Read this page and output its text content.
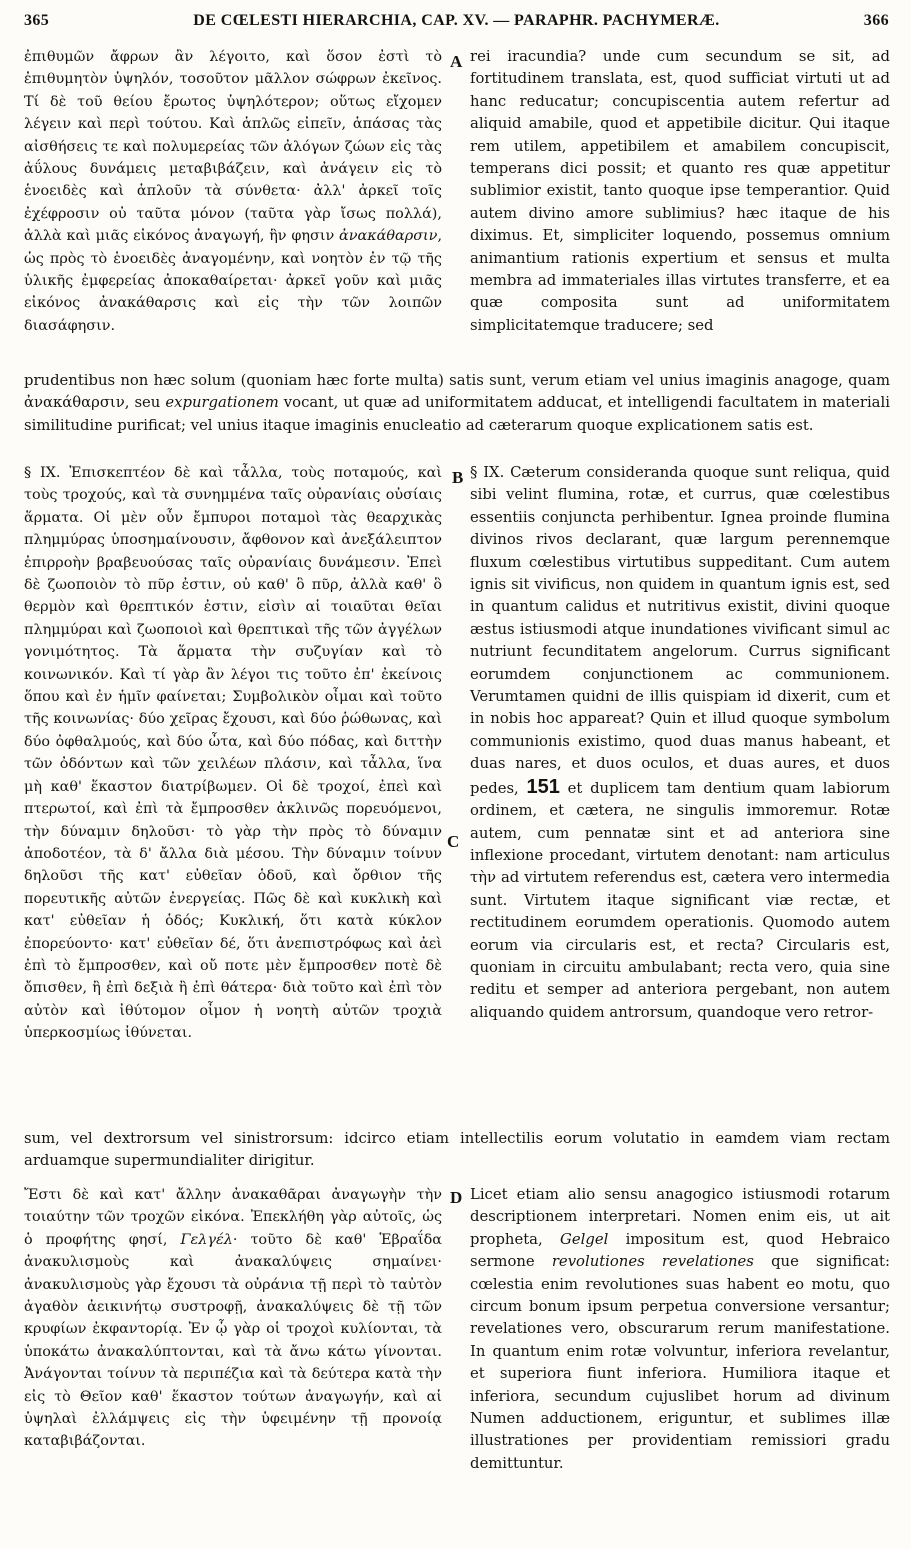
365	DE CŒLESTI HIERARCHIA, CAP. XV. — PARAPHR. PACHYMERÆ.	366

ἐπιθυμῶν ἄφρων ἂν λέγοιτο, καὶ ὅσον ἐστὶ τὸ ἐπιθυμητὸν ὑψηλόν, τοσοῦτον μᾶλλον σώφρων ἐκεῖνος. Τί δὲ τοῦ θείου ἔρωτος ὑψηλότερον; οὕτως εἴχομεν λέγειν καὶ περὶ τούτου. Καὶ ἁπλῶς εἰπεῖν, ἁπάσας τὰς αἰσθήσεις τε καὶ πολυμερείας τῶν ἀλόγων ζώων εἰς τὰς ἀΰλους δυνάμεις μεταβιβάζειν, καὶ ἀνάγειν εἰς τὸ ἑνοειδὲς καὶ ἁπλοῦν τὰ σύνθετα· ἀλλ' ἀρκεῖ τοῖς ἐχέφροσιν οὐ ταῦτα μόνον (ταῦτα γὰρ ἴσως πολλά), ἀλλὰ καὶ μιᾶς εἰκόνος ἀναγωγή, ἣν φησιν ἀνακάθαρσιν, ὡς πρὸς τὸ ἑνοειδὲς ἀναγομένην, καὶ νοητὸν ἐν τῷ τῆς ὑλικῆς ἐμφερείας ἀποκαθαίρεται· ἀρκεῖ γοῦν καὶ μιᾶς εἰκόνος ἀνακάθαρσις καὶ εἰς τὴν τῶν λοιπῶν διασάφησιν.

A rei iracundia? unde cum secundum se sit, ad fortitudinem translata, est, quod sufficiat virtuti ut ad hanc reducatur; concupiscentia autem refertur ad aliquid amabile, quod et appetibile dicitur. Qui itaque rem utilem, appetibilem et amabilem concupiscit, temperans dici possit; et quanto res quæ appetitur sublimior existit, tanto quoque ipse temperantior. Quid autem divino amore sublimius? hæc itaque de his diximus. Et, simpliciter loquendo, possemus omnium animantium rationis expertium et sensus et multa membra ad immateriales illas virtutes transferre, et ea quæ composita sunt ad uniformitatem simplicitatemque traducere; sed

prudentibus non hæc solum (quoniam hæc forte multa) satis sunt, verum etiam vel unius imaginis anagoge, quam ἀνακάθαρσιν, seu expurgationem vocant, ut quæ ad uniformitatem adducat, et intelligendi facultatem in materiali similitudine purificat; vel unius itaque imaginis enucleatio ad cæterarum quoque explicationem satis est.

§ IX. Ἐπισκεπτέον δὲ καὶ τἆλλα, τοὺς ποταμούς, καὶ τοὺς τροχούς, καὶ τὰ συνημμένα ταῖς οὐρανίαις οὐσίαις ἅρματα. Οἱ μὲν οὖν ἔμπυροι ποταμοὶ τὰς θεαρχικὰς πλημμύρας ὑποσημαίνουσιν, ἄφθονον καὶ ἀνεξάλειπτον ἐπιρροὴν βραβευούσας ταῖς οὐρανίαις δυνάμεσιν. Ἐπεὶ δὲ ζωοποιὸν τὸ πῦρ ἐστιν, οὐ καθ' ὃ πῦρ, ἀλλὰ καθ' ὃ θερμὸν καὶ θρεπτικόν ἐστιν, εἰσὶν αἱ τοιαῦται θεῖαι πλημμύραι καὶ ζωοποιοὶ καὶ θρεπτικαὶ τῆς τῶν ἀγγέλων γονιμότητος. Τὰ ἅρματα τὴν συζυγίαν καὶ τὸ κοινωνικόν. Καὶ τί γὰρ ἂν λέγοι τις τοῦτο ἐπ' ἐκείνοις ὅπου καὶ ἐν ἡμῖν φαίνεται; Συμβολικὸν οἶμαι καὶ τοῦτο τῆς κοινωνίας· δύο χεῖρας ἔχουσι, καὶ δύο ῥώθωνας, καὶ δύο ὀφθαλμούς, καὶ δύο ὦτα, καὶ δύο πόδας, καὶ διττὴν τῶν ὀδόντων καὶ τῶν χειλέων πλάσιν, καὶ τἆλλα, ἵνα μὴ καθ' ἕκαστον διατρίβωμεν. Οἱ δὲ τροχοί, ἐπεὶ καὶ πτερωτοί, καὶ ἐπὶ τὰ ἔμπροσθεν ἀκλινῶς πορευόμενοι, τὴν δύναμιν δηλοῦσι· τὸ γὰρ τὴν πρὸς τὸ δύναμιν ἀποδοτέον, τὰ δ' ἄλλα διὰ μέσου. Τὴν δύναμιν τοίνυν δηλοῦσι τῆς κατ' εὐθεῖαν ὁδοῦ, καὶ ὄρθιον τῆς πορευτικῆς αὐτῶν ἐνεργείας. Πῶς δὲ καὶ κυκλικὴ καὶ κατ' εὐθεῖαν ἡ ὁδός; Κυκλική, ὅτι κατὰ κύκλον ἐπορεύοντο· κατ' εὐθεῖαν δέ, ὅτι ἀνεπιστρόφως καὶ ἀεὶ ἐπὶ τὸ ἔμπροσθεν, καὶ οὔ ποτε μὲν ἔμπροσθεν ποτὲ δὲ ὄπισθεν, ἢ ἐπὶ δεξιὰ ἢ ἐπὶ θάτερα· διὰ τοῦτο καὶ ἐπὶ τὸν αὐτὸν καὶ ἰθύτομον οἶμον ἡ νοητὴ αὐτῶν τροχιὰ ὑπερκοσμίως ἰθύνεται.

B
C

§ IX. Cæterum consideranda quoque sunt reliqua, quid sibi velint flumina, rotæ, et currus, quæ cœlestibus essentiis conjuncta perhibentur. Ignea proinde flumina divinos rivos declarant, quæ largum perennemque fluxum cœlestibus virtutibus suppeditant. Cum autem ignis sit vivificus, non quidem in quantum ignis est, sed in quantum calidus et nutritivus existit, divini quoque æstus istiusmodi atque inundationes vivificant simul ac nutriunt fecunditatem angelorum. Currus significant eorumdem conjunctionem ac communionem. Verumtamen quidni de illis quispiam id dixerit, cum et in nobis hoc appareat? Quin et illud quoque symbolum communionis existimo, quod duas manus habeant, et duas nares, et duos oculos, et duas aures, et duos pedes, 151 et duplicem tam dentium quam labiorum ordinem, et cætera, ne singulis immoremur. Rotæ autem, cum pennatæ sint et ad anteriora sine inflexione procedant, virtutem denotant: nam articulus τὴν ad virtutem referendus est, cætera vero intermedia sunt. Virtutem itaque significant viæ rectæ, et rectitudinem eorumdem operationis. Quomodo autem eorum via circularis est, et recta? Circularis est, quoniam in circuitu ambulabant; recta vero, quia sine reditu et semper ad anteriora pergebant, non autem aliquando quidem antrorsum, quandoque vero retror-

sum, vel dextrorsum vel sinistrorsum: idcirco etiam intellectilis eorum volutatio in eamdem viam rectam arduamque supermundialiter dirigitur.

Ἔστι δὲ καὶ κατ' ἄλλην ἀνακαθᾶραι ἀναγωγὴν τὴν τοιαύτην τῶν τροχῶν εἰκόνα. Ἐπεκλήθη γὰρ αὐτοῖς, ὡς ὁ προφήτης φησί, Γελγέλ· τοῦτο δὲ καθ' Ἑβραΐδα ἀνακυλισμοὺς καὶ ἀνακαλύψεις σημαίνει· ἀνακυλισμοὺς γὰρ ἔχουσι τὰ οὐράνια τῇ περὶ τὸ ταὐτὸν ἀγαθὸν ἀεικινήτῳ συστροφῇ, ἀνακαλύψεις δὲ τῇ τῶν κρυφίων ἐκφαντορίᾳ. Ἐν ᾧ γὰρ οἱ τροχοὶ κυλίονται, τὰ ὑποκάτω ἀνακαλύπτονται, καὶ τὰ ἄνω κάτω γίνονται. Ἀνάγονται τοίνυν τὰ περιπέζια καὶ τὰ δεύτερα κατὰ τὴν εἰς τὸ Θεῖον καθ' ἕκαστον τούτων ἀναγωγήν, καὶ αἱ ὑψηλαὶ ἐλλάμψεις εἰς τὴν ὑφειμένην τῇ προνοίᾳ καταβιβάζονται.

D Licet etiam alio sensu anagogico istiusmodi rotarum descriptionem interpretari. Nomen enim eis, ut ait propheta, Gelgel impositum est, quod Hebraico sermone revolutiones revelationes que significat: cœlestia enim revolutiones suas habent eo motu, quo circum bonum ipsum perpetua conversione versantur; revelationes vero, obscurarum rerum manifestatione. In quantum enim rotæ volvuntur, inferiora revelantur, et superiora fiunt inferiora. Humiliora itaque et inferiora, secundum cujuslibet horum ad divinum Numen adductionem, eriguntur, et sublimes illæ illustrationes per providentiam remissiori gradu demittuntur.
